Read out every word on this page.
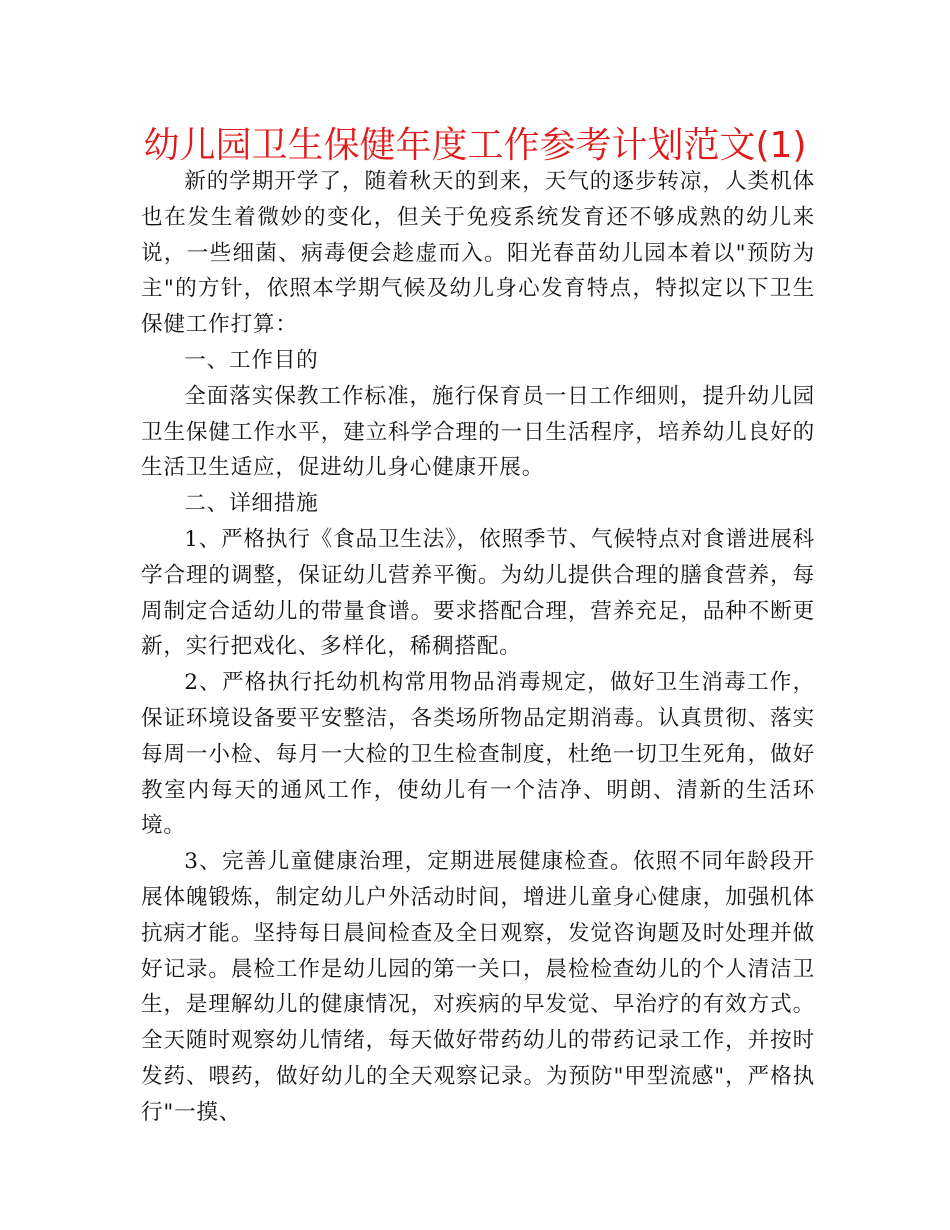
幼儿园卫生保健年度工作参考计划范文(1)

新的学期开学了，随着秋天的到来，天气的逐步转凉，人类机体也在发生着微妙的变化，但关于免疫系统发育还不够成熟的幼儿来说，一些细菌、病毒便会趁虚而入。阳光春苗幼儿园本着以"预防为主"的方针，依照本学期气候及幼儿身心发育特点，特拟定以下卫生保健工作打算：

一、工作目的

全面落实保教工作标准，施行保育员一日工作细则，提升幼儿园卫生保健工作水平，建立科学合理的一日生活程序，培养幼儿良好的生活卫生适应，促进幼儿身心健康开展。

二、详细措施

1、严格执行《食品卫生法》，依照季节、气候特点对食谱进展科学合理的调整，保证幼儿营养平衡。为幼儿提供合理的膳食营养，每周制定合适幼儿的带量食谱。要求搭配合理，营养充足，品种不断更新，实行把戏化、多样化，稀稠搭配。

2、严格执行托幼机构常用物品消毒规定，做好卫生消毒工作，保证环境设备要平安整洁，各类场所物品定期消毒。认真贯彻、落实每周一小检、每月一大检的卫生检查制度，杜绝一切卫生死角，做好教室内每天的通风工作，使幼儿有一个洁净、明朗、清新的生活环境。

3、完善儿童健康治理，定期进展健康检查。依照不同年龄段开展体魄锻炼，制定幼儿户外活动时间，增进儿童身心健康，加强机体抗病才能。坚持每日晨间检查及全日观察，发觉咨询题及时处理并做好记录。晨检工作是幼儿园的第一关口，晨检检查幼儿的个人清洁卫生，是理解幼儿的健康情况，对疾病的早发觉、早治疗的有效方式。全天随时观察幼儿情绪，每天做好带药幼儿的带药记录工作，并按时发药、喂药，做好幼儿的全天观察记录。为预防"甲型流感"，严格执行"一摸、
